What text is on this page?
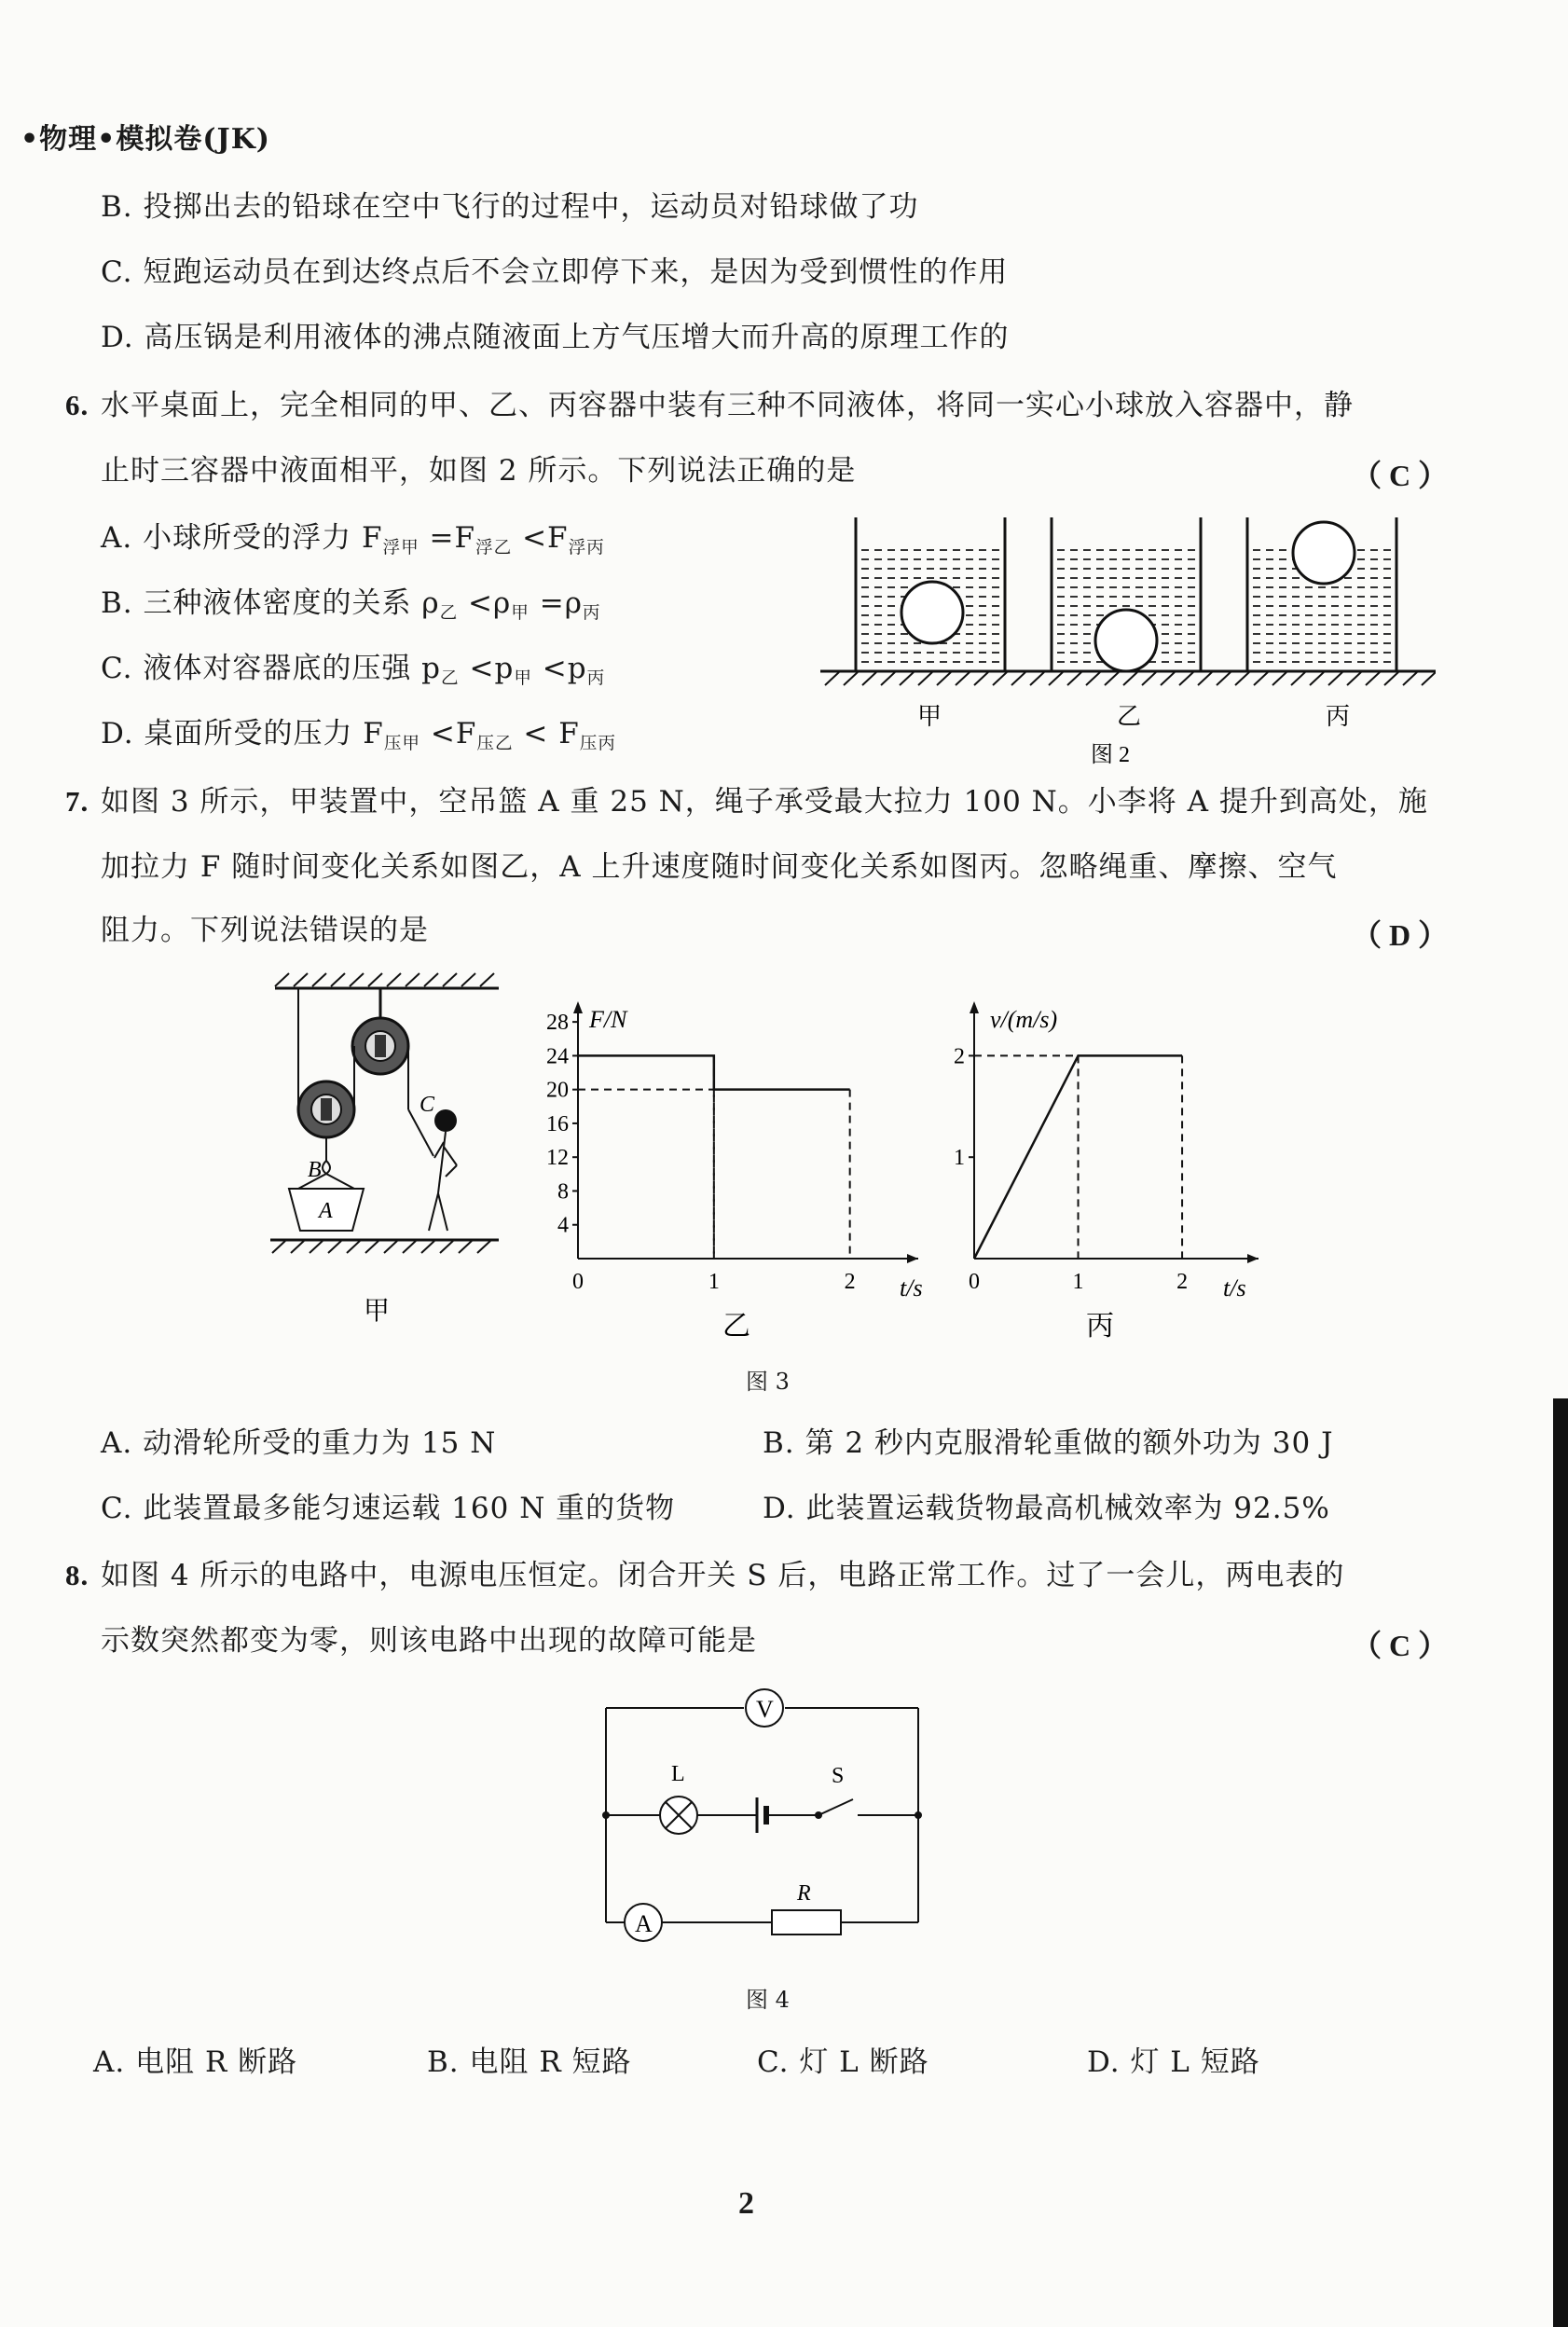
•物理•模拟卷(JK)
B. 投掷出去的铅球在空中飞行的过程中，运动员对铅球做了功
C. 短跑运动员在到达终点后不会立即停下来，是因为受到惯性的作用
D. 高压锅是利用液体的沸点随液面上方气压增大而升高的原理工作的
6. 水平桌面上，完全相同的甲、乙、丙容器中装有三种不同液体，将同一实心小球放入容器中，静
止时三容器中液面相平，如图 2 所示。下列说法正确的是	（ C ）
A. 小球所受的浮力 $F_{浮甲} =F_{浮乙} <F_{浮丙}$
B. 三种液体密度的关系 $\rho_乙 <\rho_甲 =\rho_丙$
C. 液体对容器底的压强 $p_乙 <p_甲 <p_丙$
D. 桌面所受的压力 $F_{压甲} <F_{压乙} < F_{压丙}$
甲	乙	丙
图 2
7. 如图 3 所示，甲装置中，空吊篮 A 重 25 N，绳子承受最大拉力 100 N。小李将 A 提升到高处，施
加拉力 F 随时间变化关系如图乙，A 上升速度随时间变化关系如图丙。忽略绳重、摩擦、空气
阻力。下列说法错误的是	（ D ）
C
B
A
甲
F/N
t/s
4
8
12
16
20
24
28
0	1	2
乙
v/(m/s)
t/s
1
2
0	1	2
丙
图 3
A. 动滑轮所受的重力为 15 N	B. 第 2 秒内克服滑轮重做的额外功为 30 J
C. 此装置最多能匀速运载 160 N 重的货物	D. 此装置运载货物最高机械效率为 92.5%
8. 如图 4 所示的电路中，电源电压恒定。闭合开关 S 后，电路正常工作。过了一会儿，两电表的
示数突然都变为零，则该电路中出现的故障可能是	（ C ）
V
L	S
A
R
图 4
A. 电阻 R 断路	B. 电阻 R 短路	C. 灯 L 断路	D. 灯 L 短路
2
